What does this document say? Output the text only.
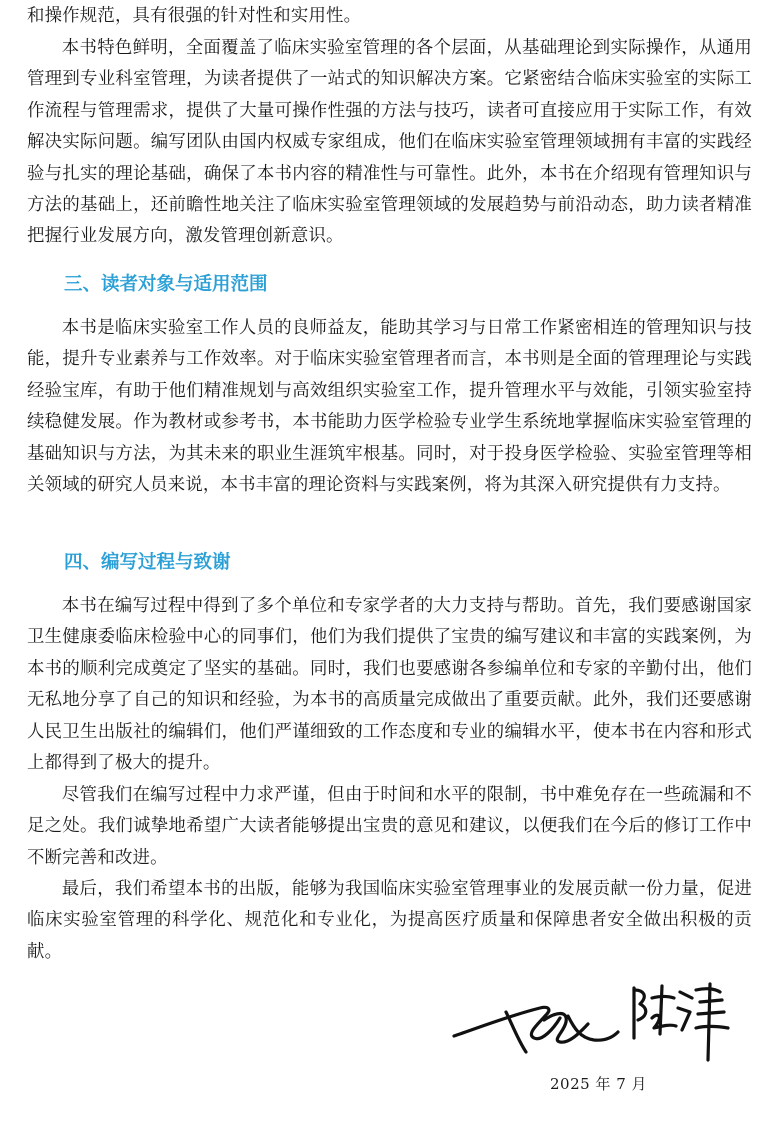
和操作规范，具有很强的针对性和实用性。

本书特色鲜明，全面覆盖了临床实验室管理的各个层面，从基础理论到实际操作，从通用管理到专业科室管理，为读者提供了一站式的知识解决方案。它紧密结合临床实验室的实际工作流程与管理需求，提供了大量可操作性强的方法与技巧，读者可直接应用于实际工作，有效解决实际问题。编写团队由国内权威专家组成，他们在临床实验室管理领域拥有丰富的实践经验与扎实的理论基础，确保了本书内容的精准性与可靠性。此外，本书在介绍现有管理知识与方法的基础上，还前瞻性地关注了临床实验室管理领域的发展趋势与前沿动态，助力读者精准把握行业发展方向，激发管理创新意识。

三、读者对象与适用范围

本书是临床实验室工作人员的良师益友，能助其学习与日常工作紧密相连的管理知识与技能，提升专业素养与工作效率。对于临床实验室管理者而言，本书则是全面的管理理论与实践经验宝库，有助于他们精准规划与高效组织实验室工作，提升管理水平与效能，引领实验室持续稳健发展。作为教材或参考书，本书能助力医学检验专业学生系统地掌握临床实验室管理的基础知识与方法，为其未来的职业生涯筑牢根基。同时，对于投身医学检验、实验室管理等相关领域的研究人员来说，本书丰富的理论资料与实践案例，将为其深入研究提供有力支持。

四、编写过程与致谢

本书在编写过程中得到了多个单位和专家学者的大力支持与帮助。首先，我们要感谢国家卫生健康委临床检验中心的同事们，他们为我们提供了宝贵的编写建议和丰富的实践案例，为本书的顺利完成奠定了坚实的基础。同时，我们也要感谢各参编单位和专家的辛勤付出，他们无私地分享了自己的知识和经验，为本书的高质量完成做出了重要贡献。此外，我们还要感谢人民卫生出版社的编辑们，他们严谨细致的工作态度和专业的编辑水平，使本书在内容和形式上都得到了极大的提升。

尽管我们在编写过程中力求严谨，但由于时间和水平的限制，书中难免存在一些疏漏和不足之处。我们诚挚地希望广大读者能够提出宝贵的意见和建议，以便我们在今后的修订工作中不断完善和改进。

最后，我们希望本书的出版，能够为我国临床实验室管理事业的发展贡献一份力量，促进临床实验室管理的科学化、规范化和专业化，为提高医疗质量和保障患者安全做出积极的贡献。

2025 年 7 月
